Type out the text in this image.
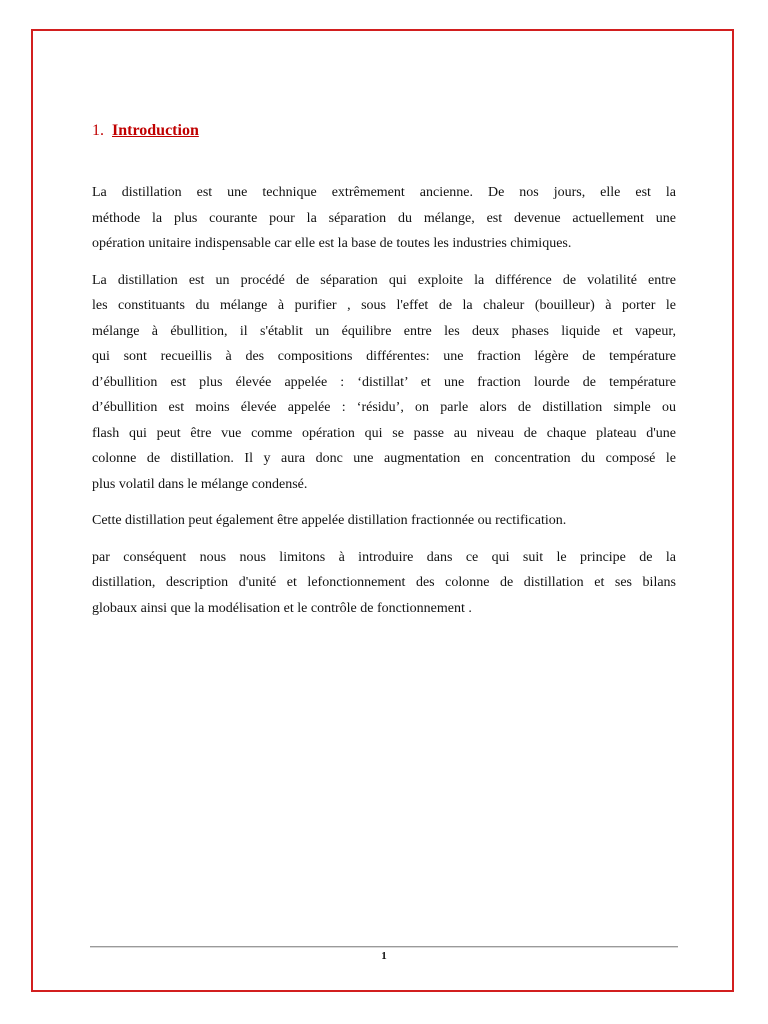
1. Introduction

La distillation est une technique extrêmement ancienne. De nos jours, elle est la
méthode la plus courante pour la séparation du mélange, est devenue actuellement une
opération unitaire indispensable car elle est la base de toutes les industries chimiques.

La distillation est un procédé de séparation qui exploite la différence de volatilité entre
les constituants du mélange à purifier , sous l'effet de la chaleur (bouilleur) à porter le
mélange à ébullition, il s'établit un équilibre entre les deux phases liquide et vapeur,
qui sont recueillis à des compositions différentes: une fraction légère de température
d’ébullition est plus élevée appelée : ‘distillat’ et une fraction lourde de température
d’ébullition est moins élevée appelée : ‘résidu’, on parle alors de distillation simple ou
flash qui peut être vue comme opération qui se passe au niveau de chaque plateau d'une
colonne de distillation. Il y aura donc une augmentation en concentration du composé le
plus volatil dans le mélange condensé.

Cette distillation peut également être appelée distillation fractionnée ou rectification.

par conséquent nous nous limitons à introduire dans ce qui suit le principe de la
distillation, description d'unité et lefonctionnement des colonne de distillation et ses bilans
globaux ainsi que la modélisation et le contrôle de fonctionnement .

1
